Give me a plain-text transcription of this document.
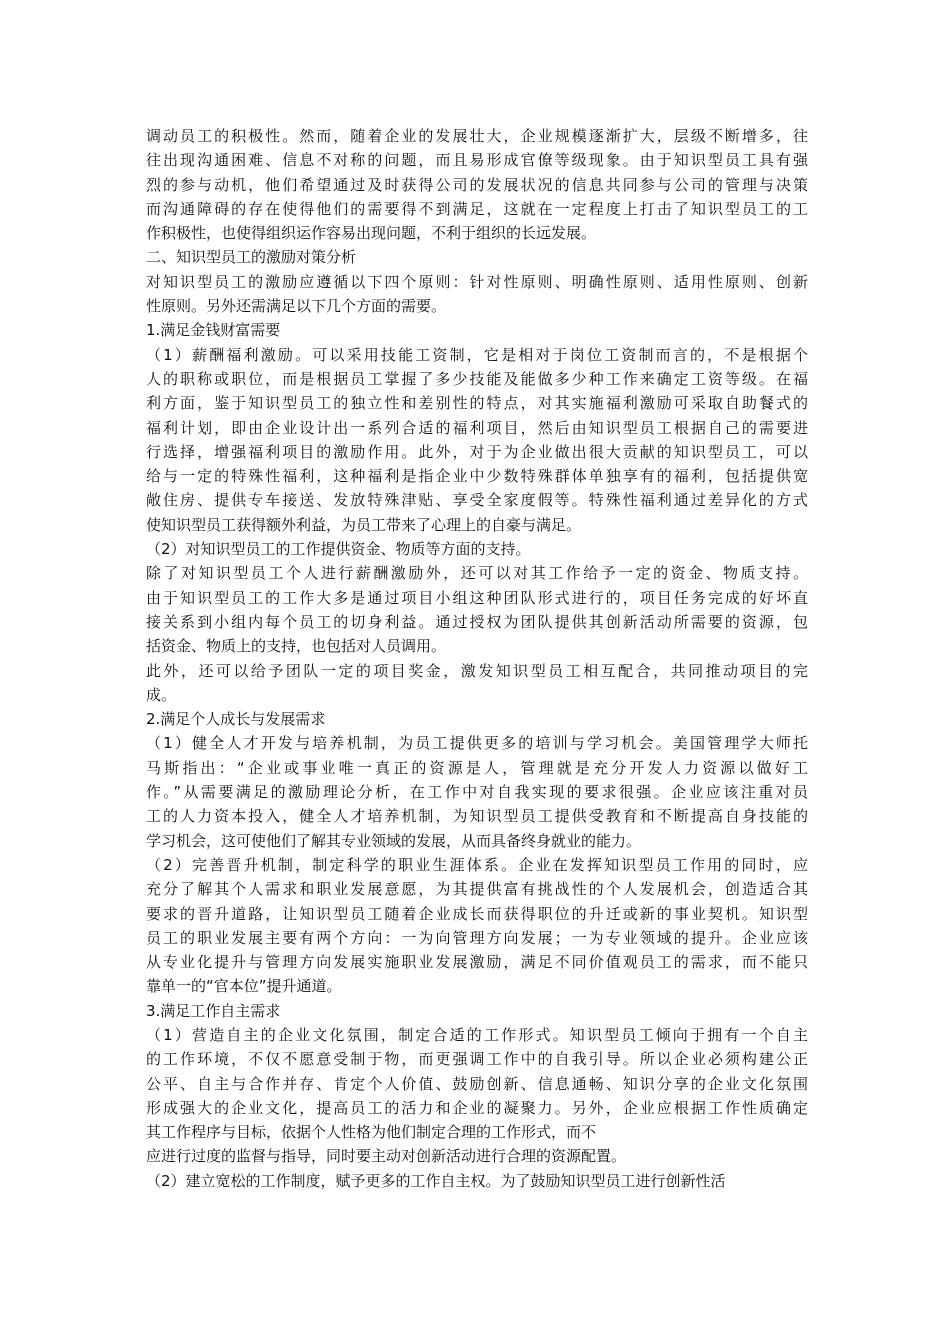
调动员工的积极性。然而，随着企业的发展壮大，企业规模逐渐扩大，层级不断增多，往
往出现沟通困难、信息不对称的问题，而且易形成官僚等级现象。由于知识型员工具有强
烈的参与动机，他们希望通过及时获得公司的发展状况的信息共同参与公司的管理与决策
而沟通障碍的存在使得他们的需要得不到满足，这就在一定程度上打击了知识型员工的工
作积极性，也使得组织运作容易出现问题，不利于组织的长远发展。
二、知识型员工的激励对策分析
对知识型员工的激励应遵循以下四个原则：针对性原则、明确性原则、适用性原则、创新
性原则。另外还需满足以下几个方面的需要。
1.满足金钱财富需要
（1）薪酬福利激励。可以采用技能工资制，它是相对于岗位工资制而言的，不是根据个
人的职称或职位，而是根据员工掌握了多少技能及能做多少种工作来确定工资等级。在福
利方面，鉴于知识型员工的独立性和差别性的特点，对其实施福利激励可采取自助餐式的
福利计划，即由企业设计出一系列合适的福利项目，然后由知识型员工根据自己的需要进
行选择，增强福利项目的激励作用。此外，对于为企业做出很大贡献的知识型员工，可以
给与一定的特殊性福利，这种福利是指企业中少数特殊群体单独享有的福利，包括提供宽
敞住房、提供专车接送、发放特殊津贴、享受全家度假等。特殊性福利通过差异化的方式
使知识型员工获得额外利益，为员工带来了心理上的自豪与满足。
（2）对知识型员工的工作提供资金、物质等方面的支持。
除了对知识型员工个人进行薪酬激励外，还可以对其工作给予一定的资金、物质支持。
由于知识型员工的工作大多是通过项目小组这种团队形式进行的，项目任务完成的好坏直
接关系到小组内每个员工的切身利益。通过授权为团队提供其创新活动所需要的资源，包
括资金、物质上的支持，也包括对人员调用。
此外，还可以给予团队一定的项目奖金，激发知识型员工相互配合，共同推动项目的完
成。
2.满足个人成长与发展需求
（1）健全人才开发与培养机制，为员工提供更多的培训与学习机会。美国管理学大师托
马斯指出：“企业或事业唯一真正的资源是人，管理就是充分开发人力资源以做好工
作。”从需要满足的激励理论分析，在工作中对自我实现的要求很强。企业应该注重对员
工的人力资本投入，健全人才培养机制，为知识型员工提供受教育和不断提高自身技能的
学习机会，这可使他们了解其专业领域的发展，从而具备终身就业的能力。
（2）完善晋升机制，制定科学的职业生涯体系。企业在发挥知识型员工作用的同时，应
充分了解其个人需求和职业发展意愿，为其提供富有挑战性的个人发展机会，创造适合其
要求的晋升道路，让知识型员工随着企业成长而获得职位的升迁或新的事业契机。知识型
员工的职业发展主要有两个方向：一为向管理方向发展；一为专业领域的提升。企业应该
从专业化提升与管理方向发展实施职业发展激励，满足不同价值观员工的需求，而不能只
靠单一的“官本位”提升通道。
3.满足工作自主需求
（1）营造自主的企业文化氛围，制定合适的工作形式。知识型员工倾向于拥有一个自主
的工作环境，不仅不愿意受制于物，而更强调工作中的自我引导。所以企业必须构建公正
公平、自主与合作并存、肯定个人价值、鼓励创新、信息通畅、知识分享的企业文化氛围
形成强大的企业文化，提高员工的活力和企业的凝聚力。另外，企业应根据工作性质确定
其工作程序与目标，依据个人性格为他们制定合理的工作形式，而不
应进行过度的监督与指导，同时要主动对创新活动进行合理的资源配置。
（2）建立宽松的工作制度，赋予更多的工作自主权。为了鼓励知识型员工进行创新性活
